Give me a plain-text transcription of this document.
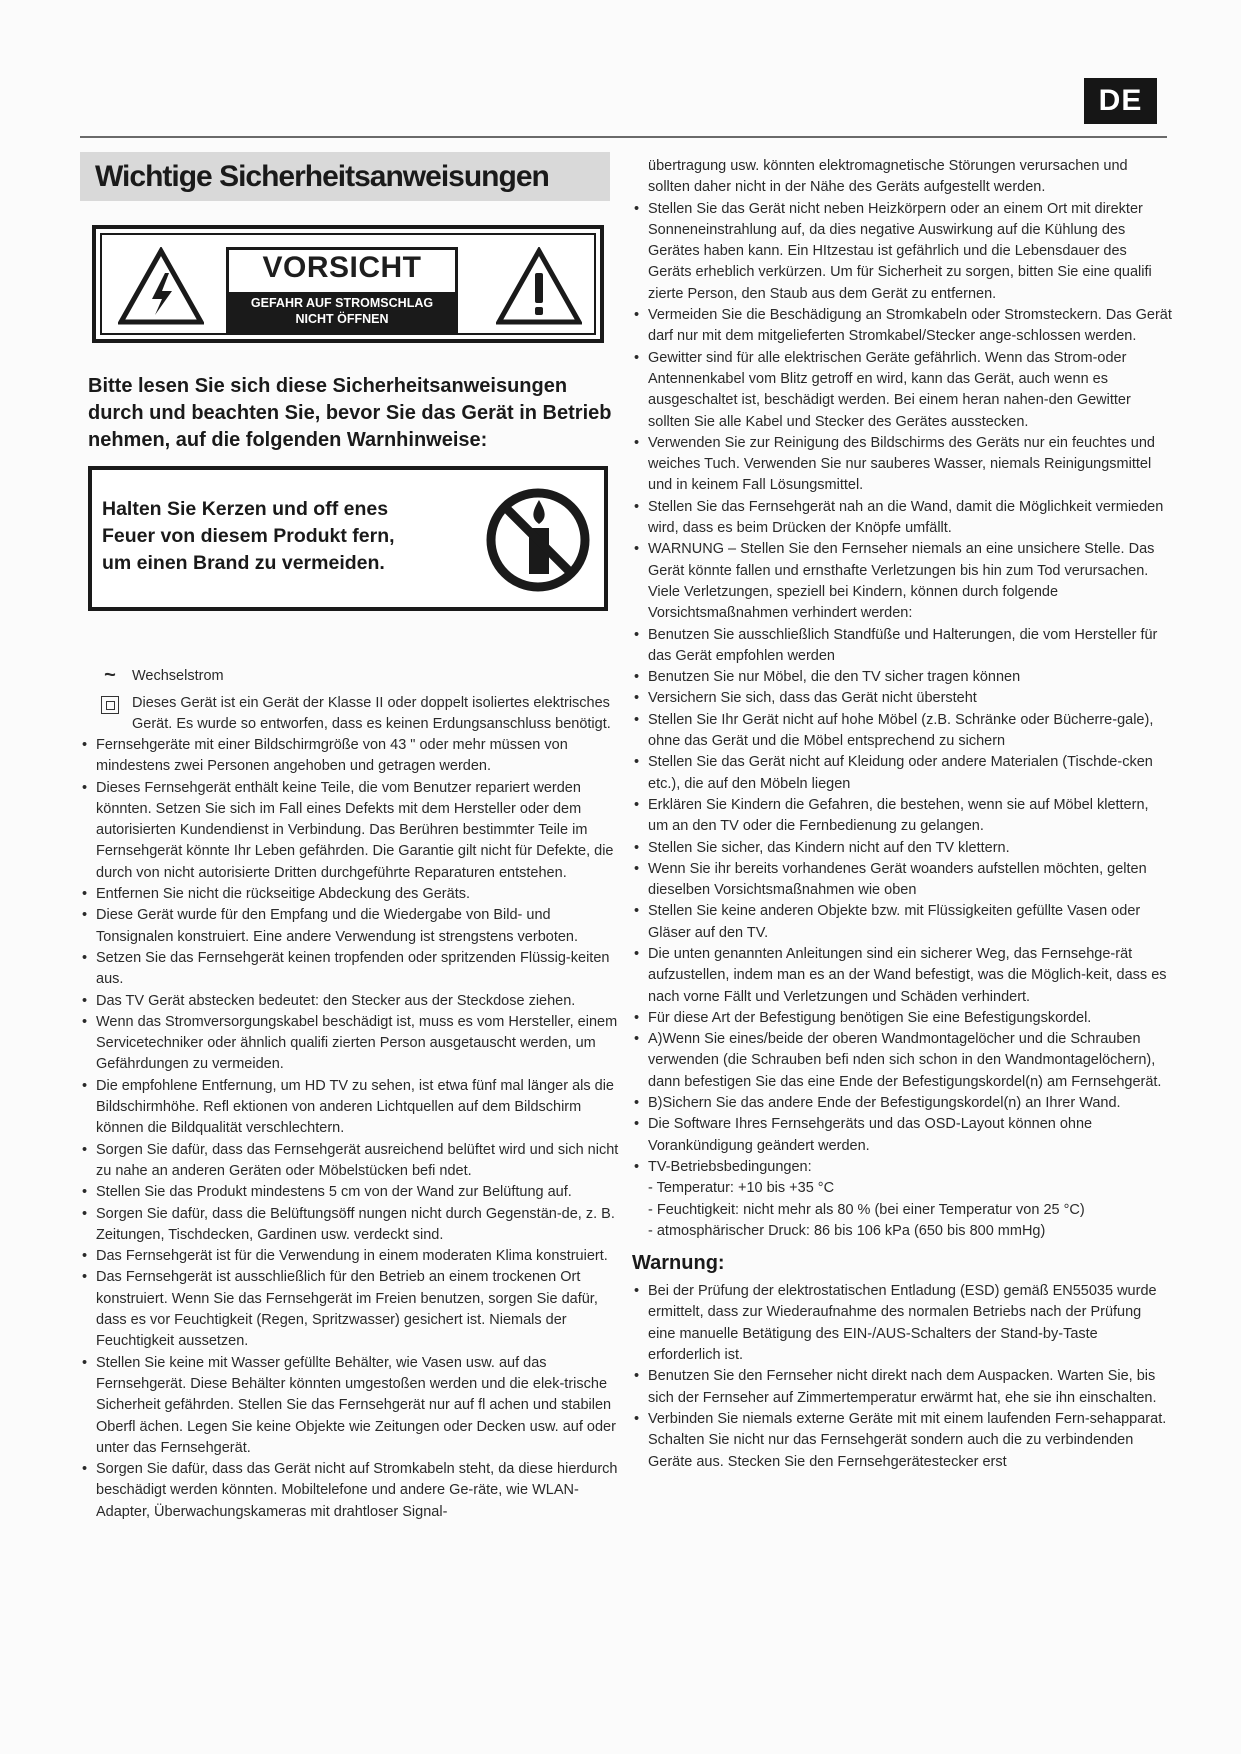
DE
Wichtige Sicherheitsanweisungen
VORSICHT
GEFAHR AUF STROMSCHLAG
NICHT ÖFFNEN
Bitte lesen Sie sich diese Sicherheitsanweisungen durch und beachten Sie, bevor Sie das Gerät in Betrieb nehmen, auf die folgenden Warnhinweise:
Halten Sie Kerzen und off enes
Feuer von diesem Produkt fern,
um einen Brand zu vermeiden.
~	Wechselstrom
Dieses Gerät ist ein Gerät der Klasse II oder doppelt isoliertes elektrisches Gerät. Es wurde so entworfen, dass es keinen Erdungsanschluss benötigt.
• Fernsehgeräte mit einer Bildschirmgröße von 43 " oder mehr müssen von mindestens zwei Personen angehoben und getragen werden.
• Dieses Fernsehgerät enthält keine Teile, die vom Benutzer repariert werden könnten. Setzen Sie sich im Fall eines Defekts mit dem Hersteller oder dem autorisierten Kundendienst in Verbindung. Das Berühren bestimmter Teile im Fernsehgerät könnte Ihr Leben gefährden. Die Garantie gilt nicht für Defekte, die durch von nicht autorisierte Dritten durchgeführte Reparaturen entstehen.
• Entfernen Sie nicht die rückseitige Abdeckung des Geräts.
• Diese Gerät wurde für den Empfang und die Wiedergabe von Bild- und Tonsignalen konstruiert. Eine andere Verwendung ist strengstens verboten.
• Setzen Sie das Fernsehgerät keinen tropfenden oder spritzenden Flüssig-keiten aus.
• Das TV Gerät abstecken bedeutet: den Stecker aus der Steckdose ziehen.
• Wenn das Stromversorgungskabel beschädigt ist, muss es vom Hersteller, einem Servicetechniker oder ähnlich qualifi zierten Person ausgetauscht werden, um Gefährdungen zu vermeiden.
• Die empfohlene Entfernung, um HD TV zu sehen, ist etwa fünf mal länger als die Bildschirmhöhe. Refl ektionen von anderen Lichtquellen auf dem Bildschirm können die Bildqualität verschlechtern.
• Sorgen Sie dafür, dass das Fernsehgerät ausreichend belüftet wird und sich nicht zu nahe an anderen Geräten oder Möbelstücken befi ndet.
• Stellen Sie das Produkt mindestens 5 cm von der Wand zur Belüftung auf.
• Sorgen Sie dafür, dass die Belüftungsöff nungen nicht durch Gegenstän-de, z. B. Zeitungen, Tischdecken, Gardinen usw. verdeckt sind.
• Das Fernsehgerät ist für die Verwendung in einem moderaten Klima konstruiert.
• Das Fernsehgerät ist ausschließlich für den Betrieb an einem trockenen Ort konstruiert. Wenn Sie das Fernsehgerät im Freien benutzen, sorgen Sie dafür, dass es vor Feuchtigkeit (Regen, Spritzwasser) gesichert ist. Niemals der Feuchtigkeit aussetzen.
• Stellen Sie keine mit Wasser gefüllte Behälter, wie Vasen usw. auf das Fernsehgerät. Diese Behälter könnten umgestoßen werden und die elek-trische Sicherheit gefährden. Stellen Sie das Fernsehgerät nur auf fl achen und stabilen Oberfl ächen. Legen Sie keine Objekte wie Zeitungen oder Decken usw. auf oder unter das Fernsehgerät.
• Sorgen Sie dafür, dass das Gerät nicht auf Stromkabeln steht, da diese hierdurch beschädigt werden könnten. Mobiltelefone und andere Ge-räte, wie WLAN-Adapter, Überwachungskameras mit drahtloser Signal-
übertragung usw. könnten elektromagnetische Störungen verursachen und sollten daher nicht in der Nähe des Geräts aufgestellt werden.
• Stellen Sie das Gerät nicht neben Heizkörpern oder an einem Ort mit direkter Sonneneinstrahlung auf, da dies negative Auswirkung auf die Kühlung des Gerätes haben kann. Ein HItzestau ist gefährlich und die Lebensdauer des Geräts erheblich verkürzen. Um für Sicherheit zu sorgen, bitten Sie eine qualifi zierte Person, den Staub aus dem Gerät zu entfernen.
• Vermeiden Sie die Beschädigung an Stromkabeln oder Stromsteckern. Das Gerät darf nur mit dem mitgelieferten Stromkabel/Stecker ange-schlossen werden.
• Gewitter sind für alle elektrischen Geräte gefährlich. Wenn das Strom-oder Antennenkabel vom Blitz getroff en wird, kann das Gerät, auch wenn es ausgeschaltet ist, beschädigt werden. Bei einem heran nahen-den Gewitter sollten Sie alle Kabel und Stecker des Gerätes ausstecken.
• Verwenden Sie zur Reinigung des Bildschirms des Geräts nur ein feuchtes und weiches Tuch. Verwenden Sie nur sauberes Wasser, niemals Reinigungsmittel und in keinem Fall Lösungsmittel.
• Stellen Sie das Fernsehgerät nah an die Wand, damit die Möglichkeit vermieden wird, dass es beim Drücken der Knöpfe umfällt.
• WARNUNG – Stellen Sie den Fernseher niemals an eine unsichere Stelle. Das Gerät könnte fallen und ernsthafte Verletzungen bis hin zum Tod verursachen. Viele Verletzungen, speziell bei Kindern, können durch folgende Vorsichtsmaßnahmen verhindert werden:
• Benutzen Sie ausschließlich Standfüße und Halterungen, die vom Hersteller für das Gerät empfohlen werden
• Benutzen Sie nur Möbel, die den TV sicher tragen können
• Versichern Sie sich, dass das Gerät nicht übersteht
• Stellen Sie Ihr Gerät nicht auf hohe Möbel (z.B. Schränke oder Bücherre-gale), ohne das Gerät und die Möbel entsprechend zu sichern
• Stellen Sie das Gerät nicht auf Kleidung oder andere Materialen (Tischde-cken etc.), die auf den Möbeln liegen
• Erklären Sie Kindern die Gefahren, die bestehen, wenn sie auf Möbel klettern, um an den TV oder die Fernbedienung zu gelangen.
• Stellen Sie sicher, das Kindern nicht auf den TV klettern.
• Wenn Sie ihr bereits vorhandenes Gerät woanders aufstellen möchten, gelten dieselben Vorsichtsmaßnahmen wie oben
• Stellen Sie keine anderen Objekte bzw. mit Flüssigkeiten gefüllte Vasen oder Gläser auf den TV.
• Die unten genannten Anleitungen sind ein sicherer Weg, das Fernsehge-rät aufzustellen, indem man es an der Wand befestigt, was die Möglich-keit, dass es nach vorne Fällt und Verletzungen und Schäden verhindert.
• Für diese Art der Befestigung benötigen Sie eine Befestigungskordel.
• A)Wenn Sie eines/beide der oberen Wandmontagelöcher und die Schrauben verwenden (die Schrauben befi nden sich schon in den Wandmontagelöchern), dann befestigen Sie das eine Ende der Befestigungskordel(n) am Fernsehgerät.
• B)Sichern Sie das andere Ende der Befestigungskordel(n) an Ihrer Wand.
• Die Software Ihres Fernsehgeräts und das OSD-Layout können ohne Vorankündigung geändert werden.
• TV-Betriebsbedingungen:
- Temperatur: +10 bis +35 °C
- Feuchtigkeit: nicht mehr als 80 % (bei einer Temperatur von 25 °C)
- atmosphärischer Druck: 86 bis 106 kPa (650 bis 800 mmHg)
Warnung:
• Bei der Prüfung der elektrostatischen Entladung (ESD) gemäß EN55035 wurde ermittelt, dass zur Wiederaufnahme des normalen Betriebs nach der Prüfung eine manuelle Betätigung des EIN-/AUS-Schalters der Stand-by-Taste erforderlich ist.
• Benutzen Sie den Fernseher nicht direkt nach dem Auspacken. Warten Sie, bis sich der Fernseher auf Zimmertemperatur erwärmt hat, ehe sie ihn einschalten.
• Verbinden Sie niemals externe Geräte mit mit einem laufenden Fern-sehapparat. Schalten Sie nicht nur das Fernsehgerät sondern auch die zu verbindenden Geräte aus. Stecken Sie den Fernsehgerätestecker erst
